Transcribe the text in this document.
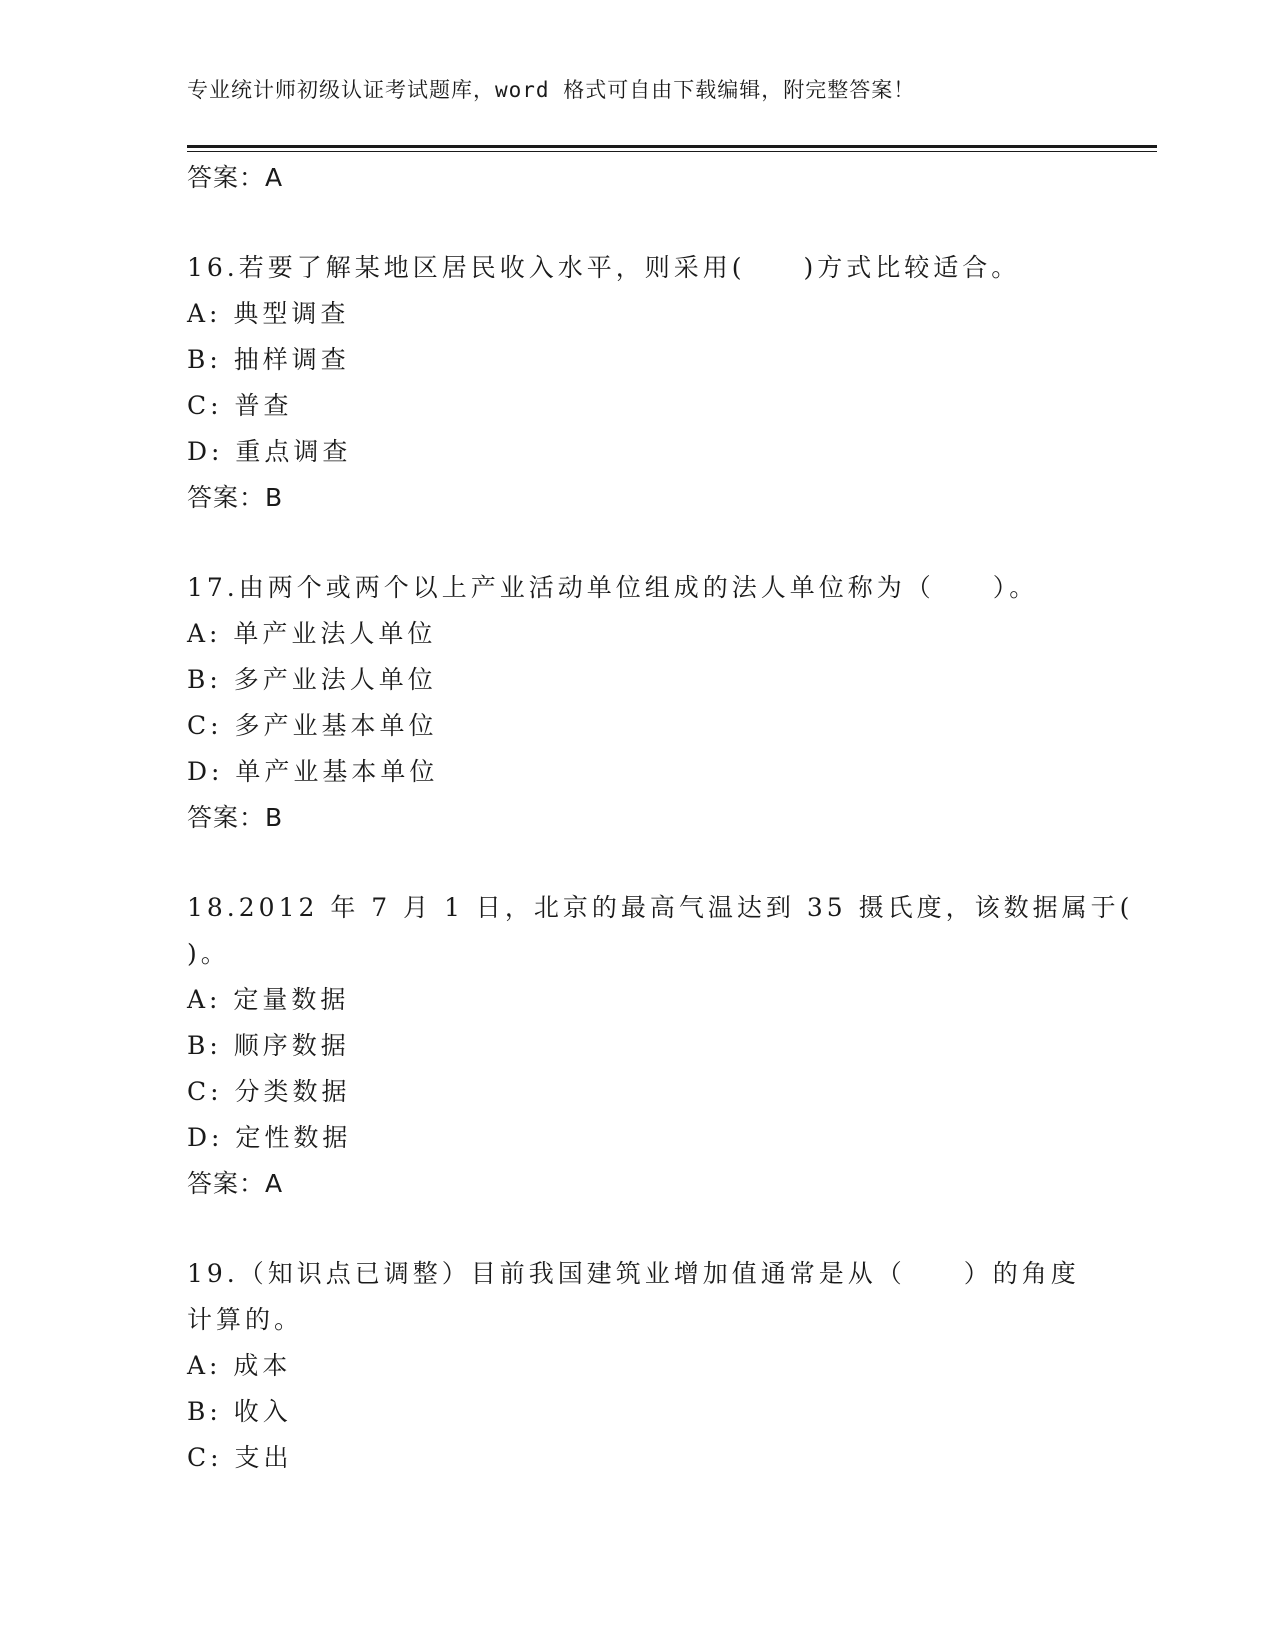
专业统计师初级认证考试题库，word 格式可自由下载编辑，附完整答案！
答案：A
16.若要了解某地区居民收入水平，则采用(　　)方式比较适合。
A: 典型调查
B: 抽样调查
C: 普查
D: 重点调查
答案：B
17.由两个或两个以上产业活动单位组成的法人单位称为（　　）。
A: 单产业法人单位
B: 多产业法人单位
C: 多产业基本单位
D: 单产业基本单位
答案：B
18.2012 年 7 月 1 日，北京的最高气温达到 35 摄氏度，该数据属于(
)。
A: 定量数据
B: 顺序数据
C: 分类数据
D: 定性数据
答案：A
19.（知识点已调整）目前我国建筑业增加值通常是从（　　）的角度
计算的。
A: 成本
B: 收入
C: 支出
